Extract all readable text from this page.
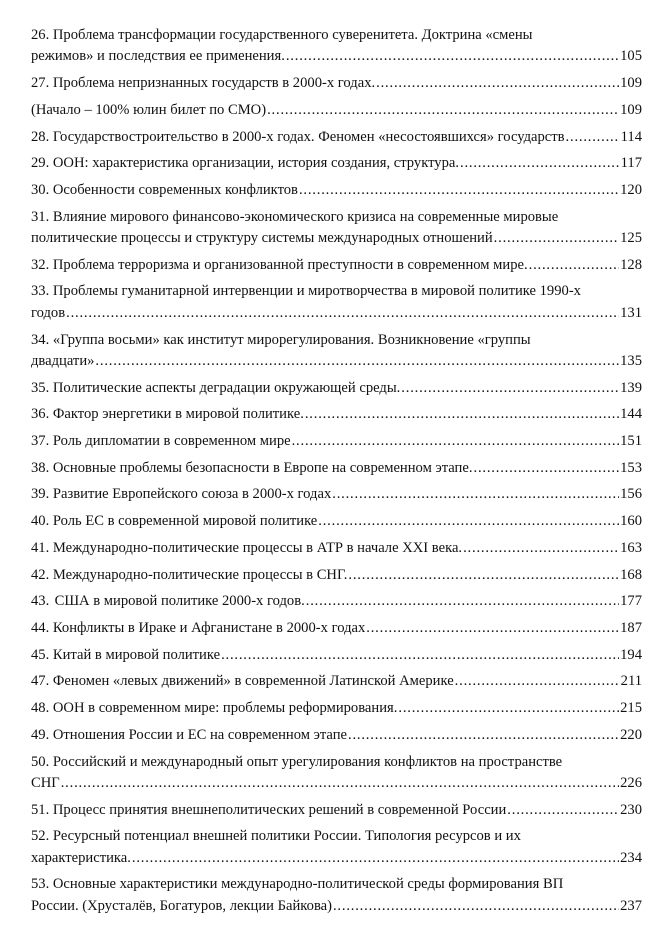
26. Проблема трансформации государственного суверенитета. Доктрина «смены
режимов» и последствия ее применения. .....	105
27. Проблема непризнанных государств в 2000-х годах. .....	109
(Начало – 100% юлин билет по СМО) .....	109
28. Государствостроительство в 2000-х годах. Феномен «несостоявшихся» государств .....	114
29. ООН: характеристика организации, история создания, структура. .....	117
30. Особенности современных конфликтов .....	120
31. Влияние мирового финансово-экономического кризиса на современные мировые
политические процессы и структуру системы международных отношений .....	125
32. Проблема терроризма и организованной преступности в современном мире. .....	128
33. Проблемы гуманитарной интервенции и миротворчества в мировой политике 1990-х
годов .....	131
34. «Группа восьми» как институт мирорегулирования. Возникновение «группы
двадцати» .....	135
35. Политические аспекты деградации окружающей среды. .....	139
36. Фактор энергетики в мировой политике. .....	144
37. Роль дипломатии в современном мире .....	151
38. Основные проблемы безопасности в Европе на современном этапе. .....	153
39. Развитие Европейского союза в 2000-х годах .....	156
40. Роль ЕС в современной мировой политике .....	160
41. Международно-политические процессы в АТР в начале XXI века. .....	163
42. Международно-политические процессы в СНГ. .....	168
43. США в мировой политике 2000-х годов. .....	177
44. Конфликты в Ираке и Афганистане в 2000-х годах .....	187
45. Китай в мировой политике .....	194
47. Феномен «левых движений» в современной Латинской Америке .....	211
48. ООН в современном мире: проблемы реформирования. .....	215
49. Отношения России и ЕС на современном этапе .....	220
50. Российский и международный опыт урегулирования конфликтов на пространстве
СНГ .....	226
51. Процесс принятия внешнеполитических решений в современной России .....	230
52. Ресурсный потенциал внешней политики России. Типология ресурсов и их
характеристика. .....	234
53. Основные характеристики международно-политической среды формирования ВП
России. (Хрусталёв, Богатуров, лекции Байкова) .....	237
